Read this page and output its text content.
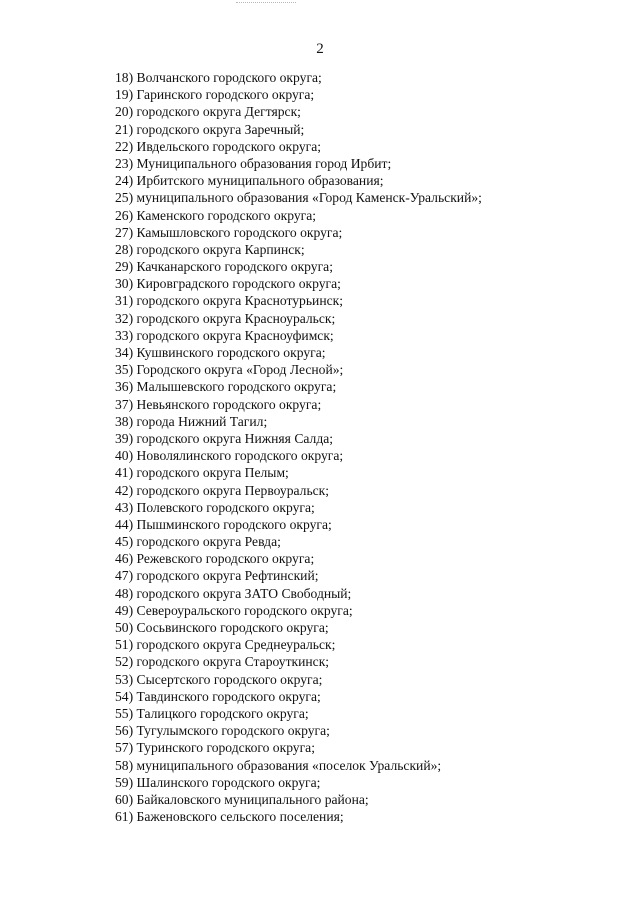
2
18) Волчанского городского округа;
19) Гаринского городского округа;
20) городского округа Дегтярск;
21) городского округа Заречный;
22) Ивдельского городского округа;
23) Муниципального образования город Ирбит;
24) Ирбитского муниципального образования;
25) муниципального образования «Город Каменск-Уральский»;
26) Каменского городского округа;
27) Камышловского городского округа;
28) городского округа Карпинск;
29) Качканарского городского округа;
30) Кировградского городского округа;
31) городского округа Краснотурьинск;
32) городского округа Красноуральск;
33) городского округа Красноуфимск;
34) Кушвинского городского округа;
35) Городского округа «Город Лесной»;
36) Малышевского городского округа;
37) Невьянского городского округа;
38) города Нижний Тагил;
39) городского округа Нижняя Салда;
40) Новолялинского городского округа;
41) городского округа Пелым;
42) городского округа Первоуральск;
43) Полевского городского округа;
44) Пышминского городского округа;
45) городского округа Ревда;
46) Режевского городского округа;
47) городского округа Рефтинский;
48) городского округа ЗАТО Свободный;
49) Североуральского городского округа;
50) Сосьвинского городского округа;
51) городского округа Среднеуральск;
52) городского округа Староуткинск;
53) Сысертского городского округа;
54) Тавдинского городского округа;
55) Талицкого городского округа;
56) Тугулымского городского округа;
57) Туринского городского округа;
58) муниципального образования «поселок Уральский»;
59) Шалинского городского округа;
60) Байкаловского муниципального района;
61) Баженовского сельского поселения;
